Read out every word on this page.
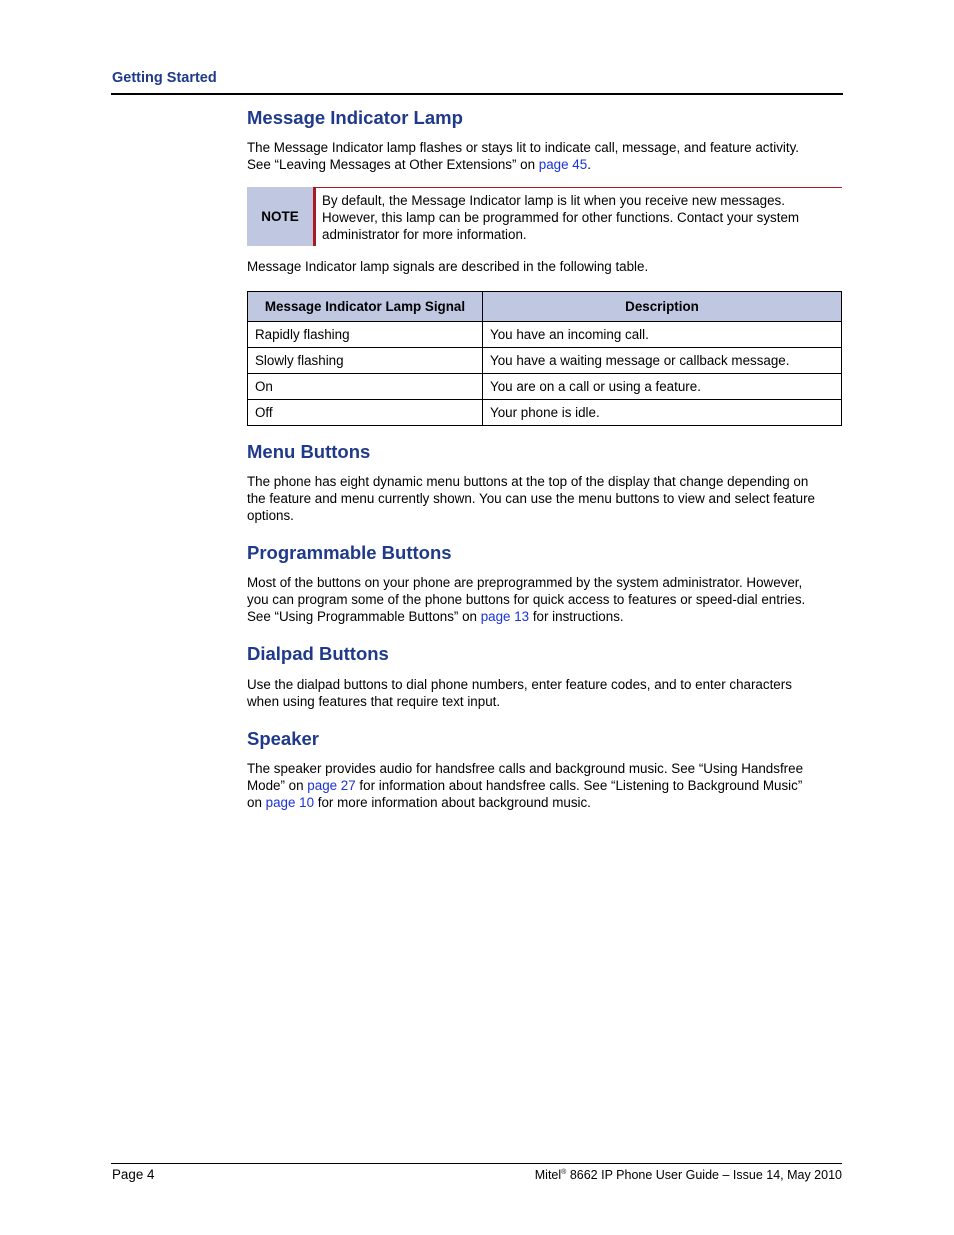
Getting Started
Message Indicator Lamp
The Message Indicator lamp flashes or stays lit to indicate call, message, and feature activity.
See “Leaving Messages at Other Extensions” on page 45.
NOTE
By default, the Message Indicator lamp is lit when you receive new messages.
However, this lamp can be programmed for other functions. Contact your system
administrator for more information.
Message Indicator lamp signals are described in the following table.
Message Indicator Lamp Signal	Description
Rapidly flashing	You have an incoming call.
Slowly flashing	You have a waiting message or callback message.
On	You are on a call or using a feature.
Off	Your phone is idle.
Menu Buttons
The phone has eight dynamic menu buttons at the top of the display that change depending on
the feature and menu currently shown. You can use the menu buttons to view and select feature
options.
Programmable Buttons
Most of the buttons on your phone are preprogrammed by the system administrator. However,
you can program some of the phone buttons for quick access to features or speed-dial entries.
See “Using Programmable Buttons” on page 13 for instructions.
Dialpad Buttons
Use the dialpad buttons to dial phone numbers, enter feature codes, and to enter characters
when using features that require text input.
Speaker
The speaker provides audio for handsfree calls and background music. See “Using Handsfree
Mode” on page 27 for information about handsfree calls. See “Listening to Background Music”
on page 10 for more information about background music.
Page 4	Mitel® 8662 IP Phone User Guide – Issue 14, May 2010
